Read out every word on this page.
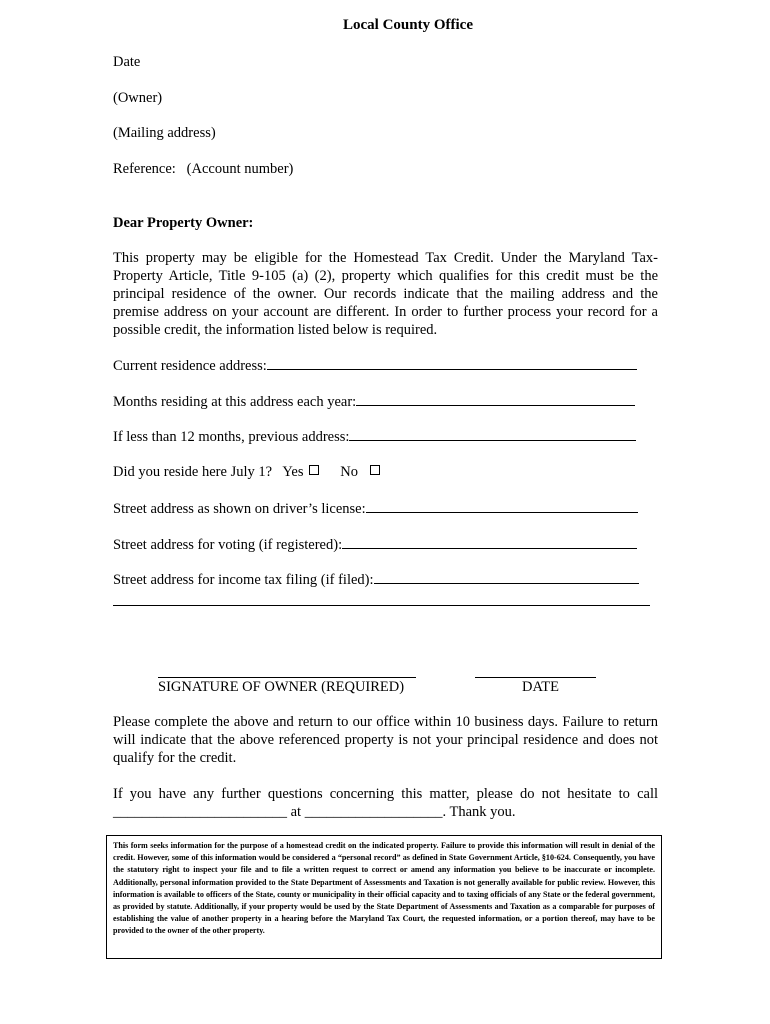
Local County Office
Date
(Owner)
(Mailing address)
Reference: (Account number)
Dear Property Owner:
This property may be eligible for the Homestead Tax Credit. Under the Maryland Tax-Property Article, Title 9-105 (a) (2), property which qualifies for this credit must be the principal residence of the owner. Our records indicate that the mailing address and the premise address on your account are different. In order to further process your record for a possible credit, the information listed below is required.
Current residence address:
Months residing at this address each year:
If less than 12 months, previous address:
Did you reside here July 1? Yes	No
Street address as shown on driver’s license:
Street address for voting (if registered):
Street address for income tax filing (if filed):
SIGNATURE OF OWNER (REQUIRED)	DATE
Please complete the above and return to our office within 10 business days. Failure to return will indicate that the above referenced property is not your principal residence and does not qualify for the credit.
If you have any further questions concerning this matter, please do not hesitate to call ________________________ at ___________________. Thank you.
This form seeks information for the purpose of a homestead credit on the indicated property. Failure to provide this information will result in denial of the credit. However, some of this information would be considered a “personal record” as defined in State Government Article, §10-624. Consequently, you have the statutory right to inspect your file and to file a written request to correct or amend any information you believe to be inaccurate or incomplete. Additionally, personal information provided to the State Department of Assessments and Taxation is not generally available for public review. However, this information is available to officers of the State, county or municipality in their official capacity and to taxing officials of any State or the federal government, as provided by statute. Additionally, if your property would be used by the State Department of Assessments and Taxation as a comparable for purposes of establishing the value of another property in a hearing before the Maryland Tax Court, the requested information, or a portion thereof, may have to be provided to the owner of the other property.
